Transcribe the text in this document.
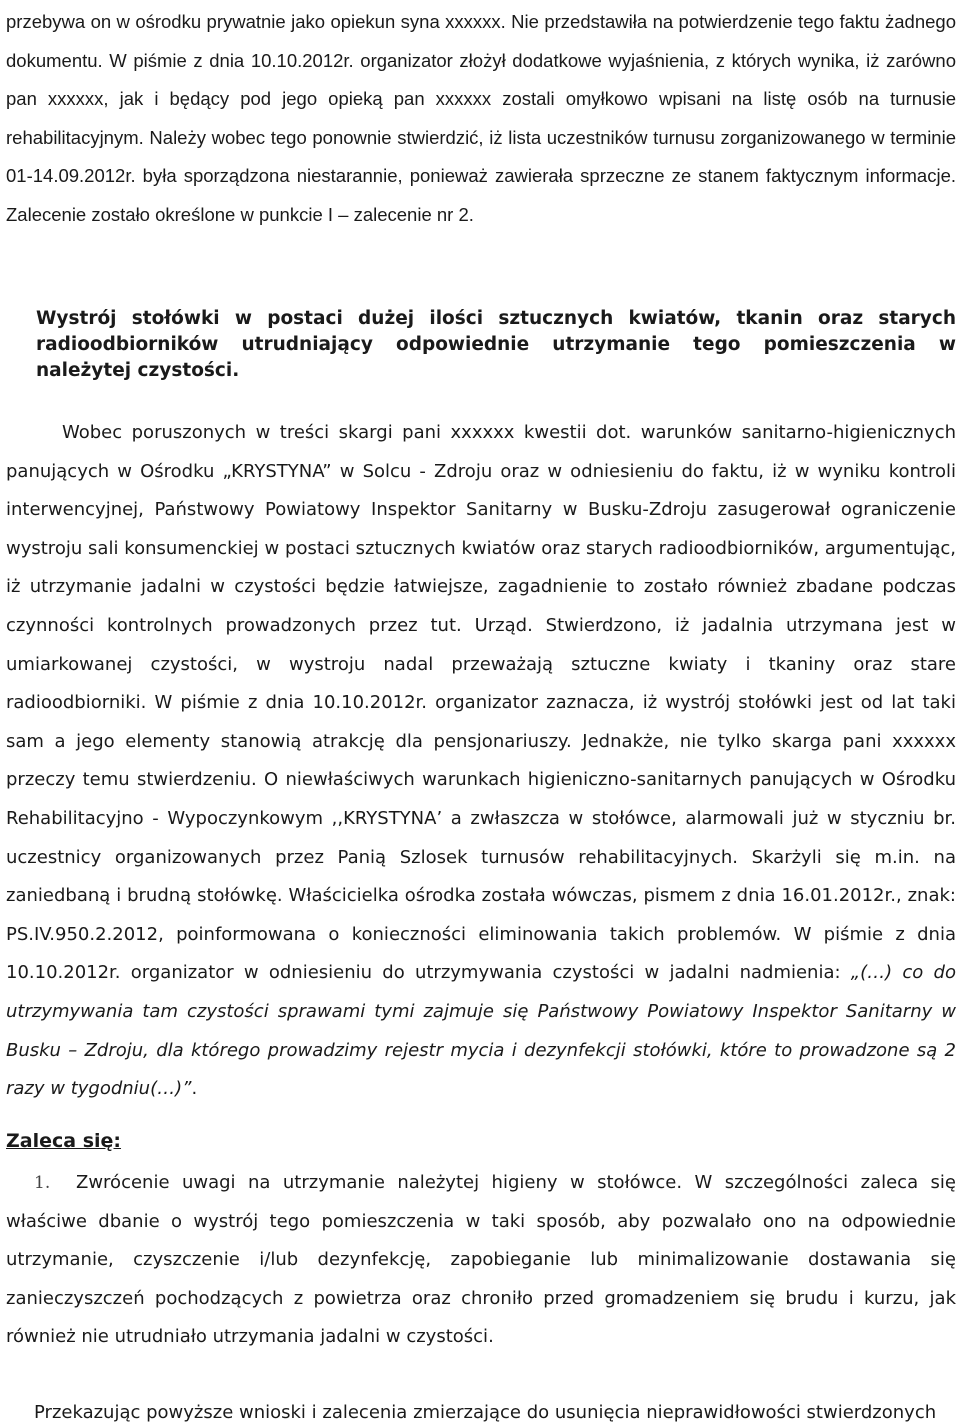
przebywa on w ośrodku prywatnie jako opiekun syna xxxxxx. Nie przedstawiła na potwierdzenie tego faktu żadnego dokumentu. W piśmie z dnia 10.10.2012r. organizator złożył dodatkowe wyjaśnienia, z których wynika, iż zarówno pan xxxxxx, jak i będący pod jego opieką pan xxxxxx zostali omyłkowo wpisani na listę osób na turnusie rehabilitacyjnym. Należy wobec tego ponownie stwierdzić, iż lista uczestników turnusu zorganizowanego w terminie 01-14.09.2012r. była sporządzona niestarannie, ponieważ zawierała sprzeczne ze stanem faktycznym informacje. Zalecenie zostało określone w punkcie I – zalecenie nr 2.

Wystrój stołówki w postaci dużej ilości sztucznych kwiatów, tkanin oraz starych radioodbiorników utrudniający odpowiednie utrzymanie tego pomieszczenia w należytej czystości.
Wobec poruszonych w treści skargi pani xxxxxx kwestii dot. warunków sanitarno-higienicznych panujących w Ośrodku „KRYSTYNA” w Solcu - Zdroju oraz w odniesieniu do faktu, iż w wyniku kontroli interwencyjnej, Państwowy Powiatowy Inspektor Sanitarny w Busku-Zdroju zasugerował ograniczenie wystroju sali konsumenckiej w postaci sztucznych kwiatów oraz starych radioodbiorników, argumentując, iż utrzymanie jadalni w czystości będzie łatwiejsze, zagadnienie to zostało również zbadane podczas czynności kontrolnych prowadzonych przez tut. Urząd. Stwierdzono, iż jadalnia utrzymana jest w umiarkowanej czystości, w wystroju nadal przeważają sztuczne kwiaty i tkaniny oraz stare radioodbiorniki. W piśmie z dnia 10.10.2012r. organizator zaznacza, iż wystrój stołówki jest od lat taki sam a jego elementy stanowią atrakcję dla pensjonariuszy. Jednakże, nie tylko skarga pani xxxxxx przeczy temu stwierdzeniu. O niewłaściwych warunkach higieniczno-sanitarnych panujących w Ośrodku Rehabilitacyjno - Wypoczynkowym ,,KRYSTYNA’ a zwłaszcza w stołówce, alarmowali już w styczniu br. uczestnicy organizowanych przez Panią Szlosek turnusów rehabilitacyjnych. Skarżyli się m.in. na zaniedbaną i brudną stołówkę. Właścicielka ośrodka została wówczas, pismem z dnia 16.01.2012r., znak: PS.IV.950.2.2012, poinformowana o konieczności eliminowania takich problemów. W piśmie z dnia 10.10.2012r. organizator w odniesieniu do utrzymywania czystości w jadalni nadmienia: „(…) co do utrzymywania tam czystości sprawami tymi zajmuje się Państwowy Powiatowy Inspektor Sanitarny w Busku – Zdroju, dla którego prowadzimy rejestr mycia i dezynfekcji stołówki, które to prowadzone są 2 razy w tygodniu(…)”.

Zaleca się:

1. Zwrócenie uwagi na utrzymanie należytej higieny w stołówce. W szczególności zaleca się właściwe dbanie o wystrój tego pomieszczenia w taki sposób, aby pozwalało ono na odpowiednie utrzymanie, czyszczenie i/lub dezynfekcję, zapobieganie lub minimalizowanie dostawania się zanieczyszczeń pochodzących z powietrza oraz chroniło przed gromadzeniem się brudu i kurzu, jak również nie utrudniało utrzymania jadalni w czystości.

Przekazując powyższe wnioski i zalecenia zmierzające do usunięcia nieprawidłowości stwierdzonych
